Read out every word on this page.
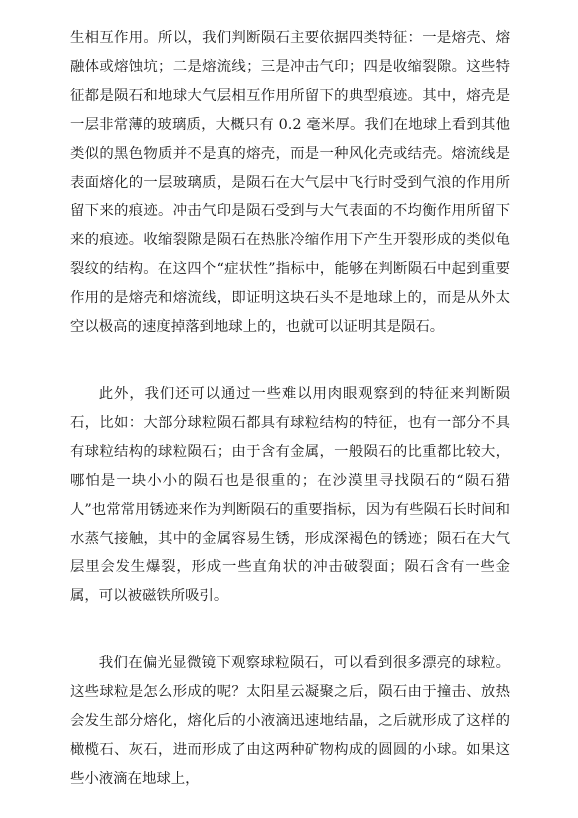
生相互作用。所以，我们判断陨石主要依据四类特征：一是熔壳、熔融体或熔蚀坑；二是熔流线；三是冲击气印；四是收缩裂隙。这些特征都是陨石和地球大气层相互作用所留下的典型痕迹。其中，熔壳是一层非常薄的玻璃质，大概只有 0.2 毫米厚。我们在地球上看到其他类似的黑色物质并不是真的熔壳，而是一种风化壳或结壳。熔流线是表面熔化的一层玻璃质，是陨石在大气层中飞行时受到气浪的作用所留下来的痕迹。冲击气印是陨石受到与大气表面的不均衡作用所留下来的痕迹。收缩裂隙是陨石在热胀冷缩作用下产生开裂形成的类似龟裂纹的结构。在这四个“症状性”指标中，能够在判断陨石中起到重要作用的是熔壳和熔流线，即证明这块石头不是地球上的，而是从外太空以极高的速度掉落到地球上的，也就可以证明其是陨石。

此外，我们还可以通过一些难以用肉眼观察到的特征来判断陨石，比如：大部分球粒陨石都具有球粒结构的特征，也有一部分不具有球粒结构的球粒陨石；由于含有金属，一般陨石的比重都比较大，哪怕是一块小小的陨石也是很重的；在沙漠里寻找陨石的“陨石猎人”也常常用锈迹来作为判断陨石的重要指标，因为有些陨石长时间和水蒸气接触，其中的金属容易生锈，形成深褐色的锈迹；陨石在大气层里会发生爆裂，形成一些直角状的冲击破裂面；陨石含有一些金属，可以被磁铁所吸引。

我们在偏光显微镜下观察球粒陨石，可以看到很多漂亮的球粒。这些球粒是怎么形成的呢？太阳星云凝聚之后，陨石由于撞击、放热会发生部分熔化，熔化后的小液滴迅速地结晶，之后就形成了这样的橄榄石、灰石，进而形成了由这两种矿物构成的圆圆的小球。如果这些小液滴在地球上，
